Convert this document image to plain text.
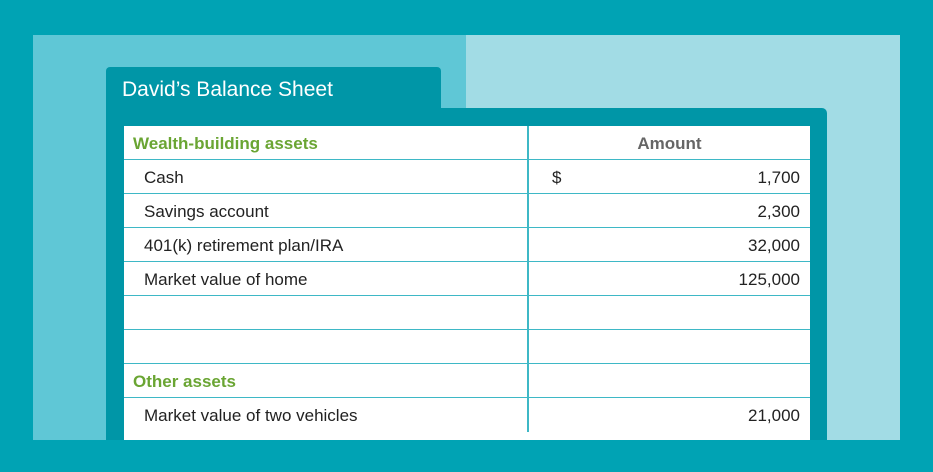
David’s Balance Sheet
Wealth-building assets	Amount
Cash	$	1,700
Savings account	2,300
401(k) retirement plan/IRA	32,000
Market value of home	125,000
Other assets
Market value of two vehicles	21,000
